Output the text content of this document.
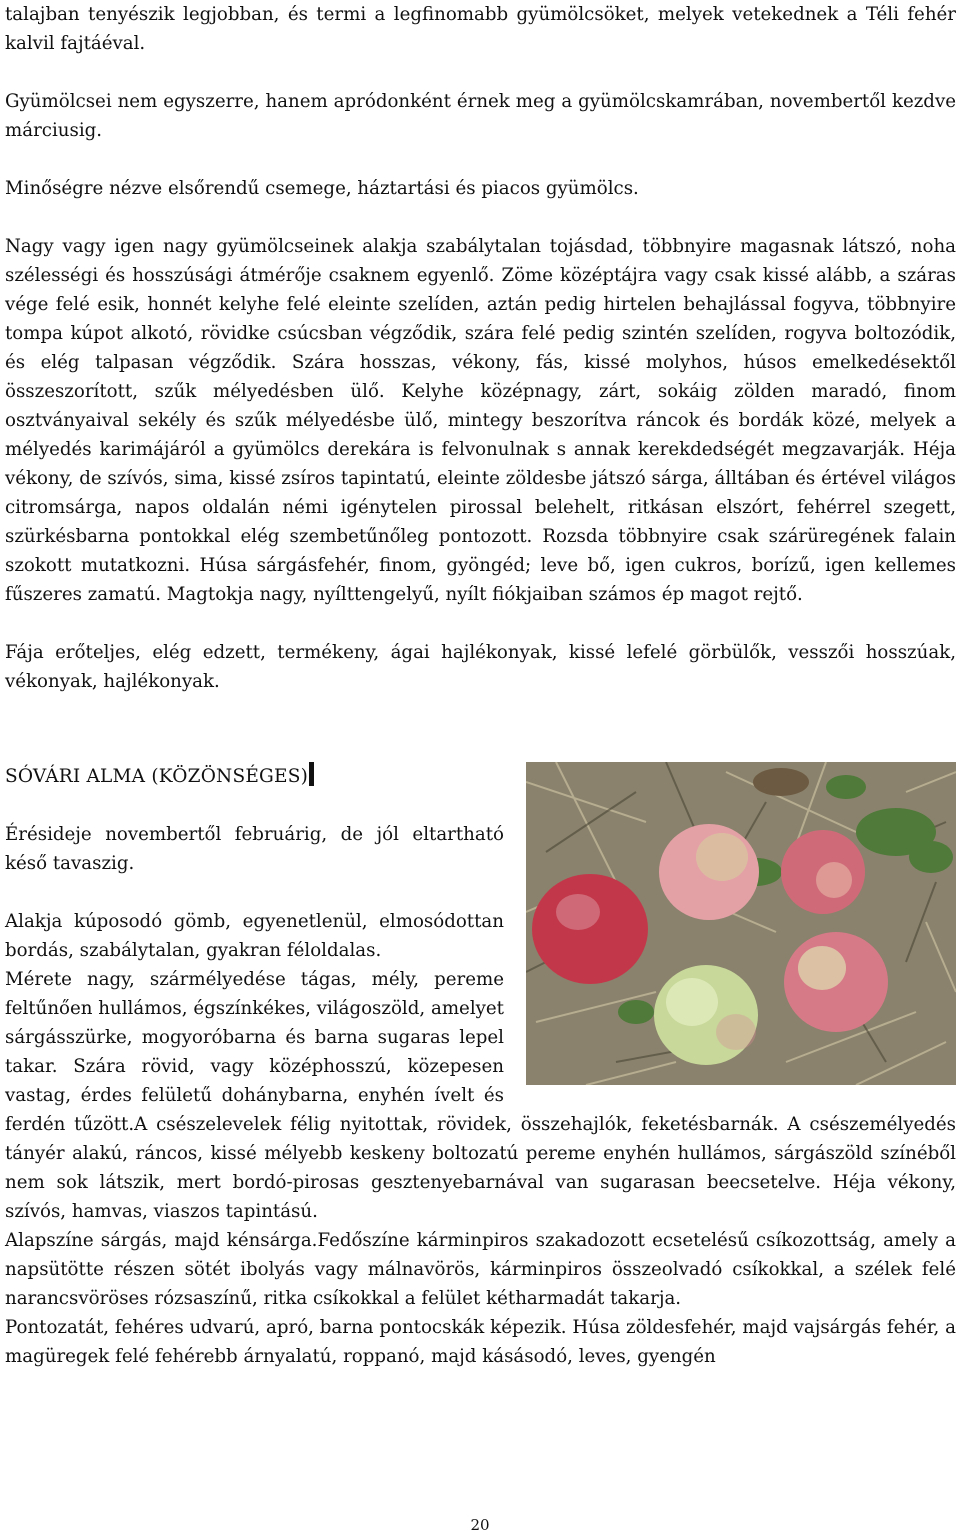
talajban tenyészik legjobban, és termi a legfinomabb gyümölcsöket, melyek vetekednek a Téli fehér kalvil fajtáéval.

Gyümölcsei nem egyszerre, hanem apródonként érnek meg a gyümölcskamrában, novembertől kezdve márciusig.

Minőségre nézve elsőrendű csemege, háztartási és piacos gyümölcs.

Nagy vagy igen nagy gyümölcseinek alakja szabálytalan tojásdad, többnyire magasnak látszó, noha szélességi és hosszúsági átmérője csaknem egyenlő. Zöme középtájra vagy csak kissé alább, a száras vége felé esik, honnét kelyhe felé eleinte szelíden, aztán pedig hirtelen behajlással fogyva, többnyire tompa kúpot alkotó, rövidke csúcsban végződik, szára felé pedig szintén szelíden, rogyva boltozódik, és elég talpasan végződik. Szára hosszas, vékony, fás, kissé molyhos, húsos emelkedésektől összeszorított, szűk mélyedésben ülő. Kelyhe középnagy, zárt, sokáig zölden maradó, finom osztványaival sekély és szűk mélyedésbe ülő, mintegy beszorítva ráncok és bordák közé, melyek a mélyedés karimájáról a gyümölcs derekára is felvonulnak s annak kerekdedségét megzavarják. Héja vékony, de szívós, sima, kissé zsíros tapintatú, eleinte zöldesbe játszó sárga, álltában és értével világos citromsárga, napos oldalán némi igénytelen pirossal belehelt, ritkásan elszórt, fehérrel szegett, szürkésbarna pontokkal elég szembetűnőleg pontozott. Rozsda többnyire csak szárüregének falain szokott mutatkozni. Húsa sárgásfehér, finom, gyöngéd; leve bő, igen cukros, borízű, igen kellemes fűszeres zamatú. Magtokja nagy, nyílttengelyű, nyílt fiókjaiban számos ép magot rejtő.

Fája erőteljes, elég edzett, termékeny, ágai hajlékonyak, kissé lefelé görbülők, vesszői hosszúak, vékonyak, hajlékonyak.

SÓVÁRI ALMA (KÖZÖNSÉGES)

Érésideje novembertől februárig, de jól eltartható késő tavaszig.

Alakja kúposodó gömb, egyenetlenül, elmosódottan bordás, szabálytalan, gyakran féloldalas.

Mérete nagy, szármélyedése tágas, mély, pereme feltűnően hullámos, égszínkékes, világoszöld, amelyet sárgásszürke, mogyoróbarna és barna sugaras lepel takar. Szára rövid, vagy középhosszú, közepesen vastag, érdes felületű dohánybarna, enyhén ívelt és ferdén tűzött.A csészelevelek félig nyitottak, rövidek, összehajlók, feketésbarnák. A csészemélyedés tányér alakú, ráncos, kissé mélyebb keskeny boltozatú pereme enyhén hullámos, sárgászöld színéből nem sok látszik, mert bordó-pirosas gesztenyebarnával van sugarasan beecsetelve. Héja vékony, szívós, hamvas, viaszos tapintású.

Alapszíne sárgás, majd kénsárga.Fedőszíne kárminpiros szakadozott ecsetelésű csíkozottság, amely a napsütötte részen sötét ibolyás vagy málnavörös, kárminpiros összeolvadó csíkokkal, a szélek felé narancsvöröses rózsaszínű, ritka csíkokkal a felület kétharmadát takarja.

Pontozatát, fehéres udvarú, apró, barna pontocskák képezik. Húsa zöldesfehér, majd vajsárgás fehér, a magüregek felé fehérebb árnyalatú, roppanó, majd kásásodó, leves, gyengén

20
